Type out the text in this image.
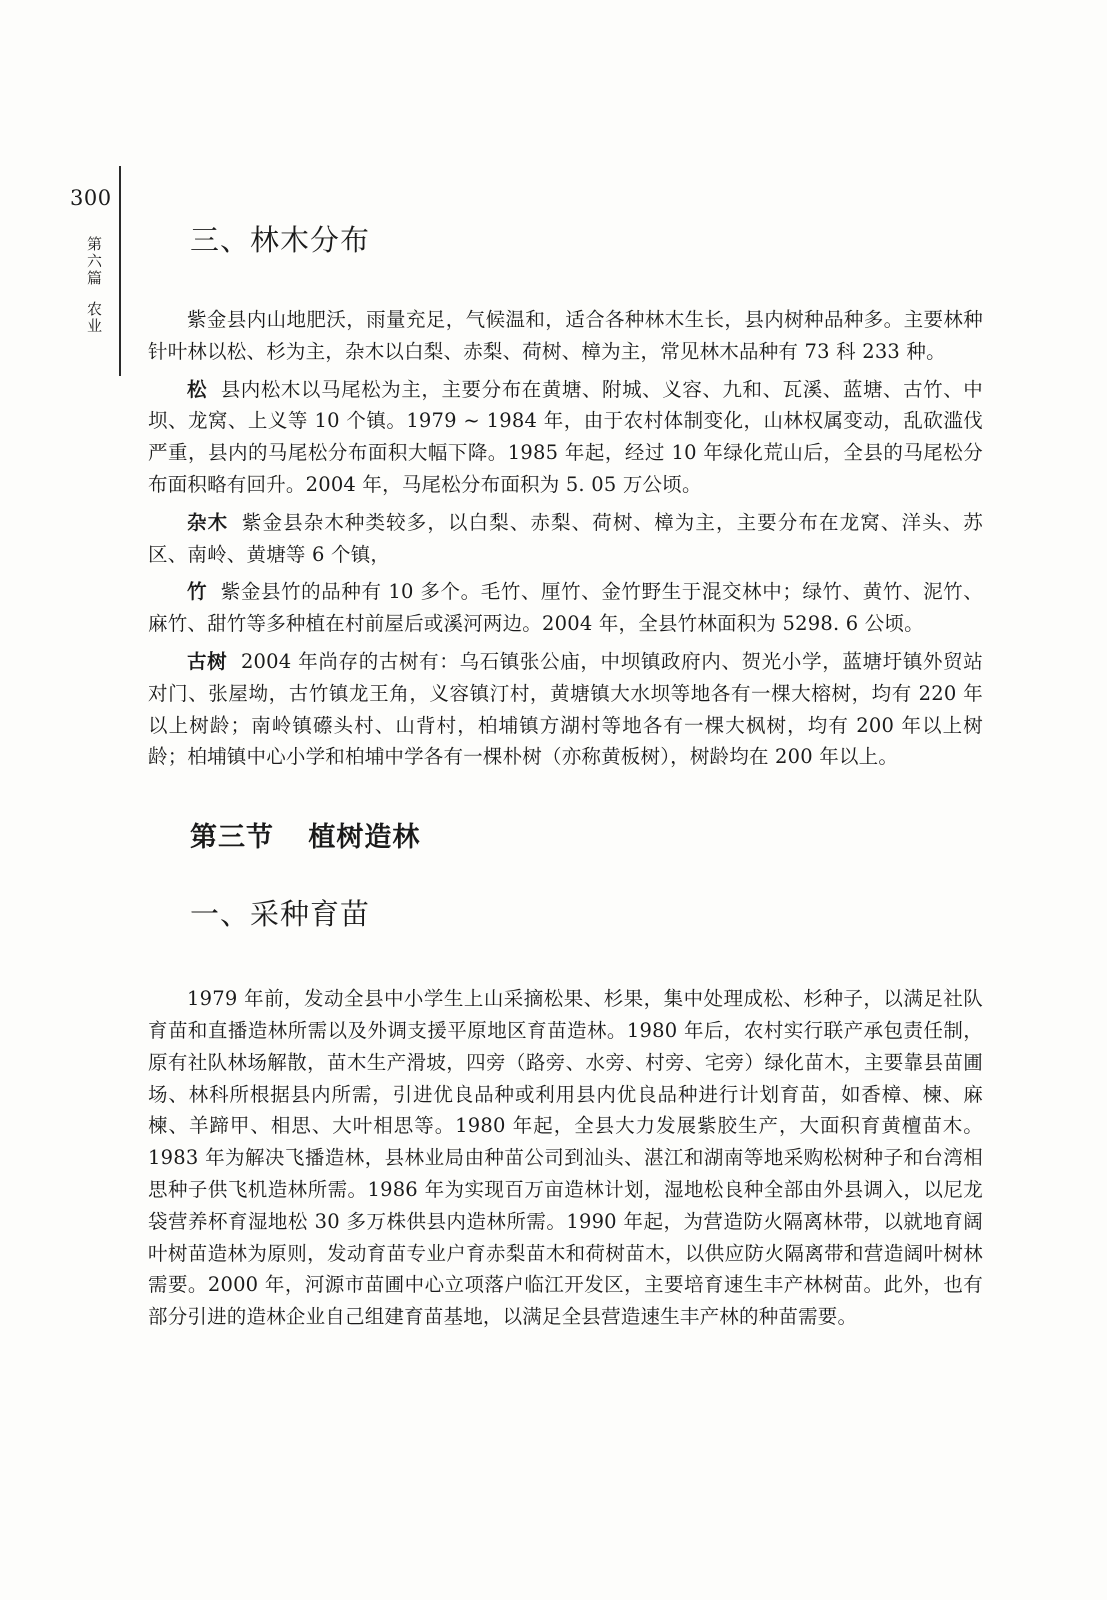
300
第六篇农业
三、林木分布

紫金县内山地肥沃，雨量充足，气候温和，适合各种林木生长，县内树种品种多。主要林种针叶林以松、杉为主，杂木以白梨、赤梨、荷树、樟为主，常见林木品种有 73 科 233 种。

松 县内松木以马尾松为主，主要分布在黄塘、附城、义容、九和、瓦溪、蓝塘、古竹、中坝、龙窝、上义等 10 个镇。1979 ~ 1984 年，由于农村体制变化，山林权属变动，乱砍滥伐严重，县内的马尾松分布面积大幅下降。1985 年起，经过 10 年绿化荒山后，全县的马尾松分布面积略有回升。2004 年，马尾松分布面积为 5. 05 万公顷。

杂木 紫金县杂木种类较多，以白梨、赤梨、荷树、樟为主，主要分布在龙窝、洋头、苏区、南岭、黄塘等 6 个镇，

竹 紫金县竹的品种有 10 多个。毛竹、厘竹、金竹野生于混交林中；绿竹、黄竹、泥竹、麻竹、甜竹等多种植在村前屋后或溪河两边。2004 年，全县竹林面积为 5298. 6 公顷。

古树 2004 年尚存的古树有：乌石镇张公庙，中坝镇政府内、贺光小学，蓝塘圩镇外贸站对门、张屋坳，古竹镇龙王角，义容镇汀村，黄塘镇大水坝等地各有一棵大榕树，均有 220 年以上树龄；南岭镇礤头村、山背村，柏埔镇方湖村等地各有一棵大枫树，均有 200 年以上树龄；柏埔镇中心小学和柏埔中学各有一棵朴树（亦称黄板树），树龄均在 200 年以上。

第三节 植树造林
一、采种育苗

1979 年前，发动全县中小学生上山采摘松果、杉果，集中处理成松、杉种子，以满足社队育苗和直播造林所需以及外调支援平原地区育苗造林。1980 年后，农村实行联产承包责任制，原有社队林场解散，苗木生产滑坡，四旁（路旁、水旁、村旁、宅旁）绿化苗木，主要靠县苗圃场、林科所根据县内所需，引进优良品种或利用县内优良品种进行计划育苗，如香樟、楝、麻楝、羊蹄甲、相思、大叶相思等。1980 年起，全县大力发展紫胶生产，大面积育黄檀苗木。1983 年为解决飞播造林，县林业局由种苗公司到汕头、湛江和湖南等地采购松树种子和台湾相思种子供飞机造林所需。1986 年为实现百万亩造林计划，湿地松良种全部由外县调入，以尼龙袋营养杯育湿地松 30 多万株供县内造林所需。1990 年起，为营造防火隔离林带，以就地育阔叶树苗造林为原则，发动育苗专业户育赤梨苗木和荷树苗木，以供应防火隔离带和营造阔叶树林需要。2000 年，河源市苗圃中心立项落户临江开发区，主要培育速生丰产林树苗。此外，也有部分引进的造林企业自己组建育苗基地，以满足全县营造速生丰产林的种苗需要。
